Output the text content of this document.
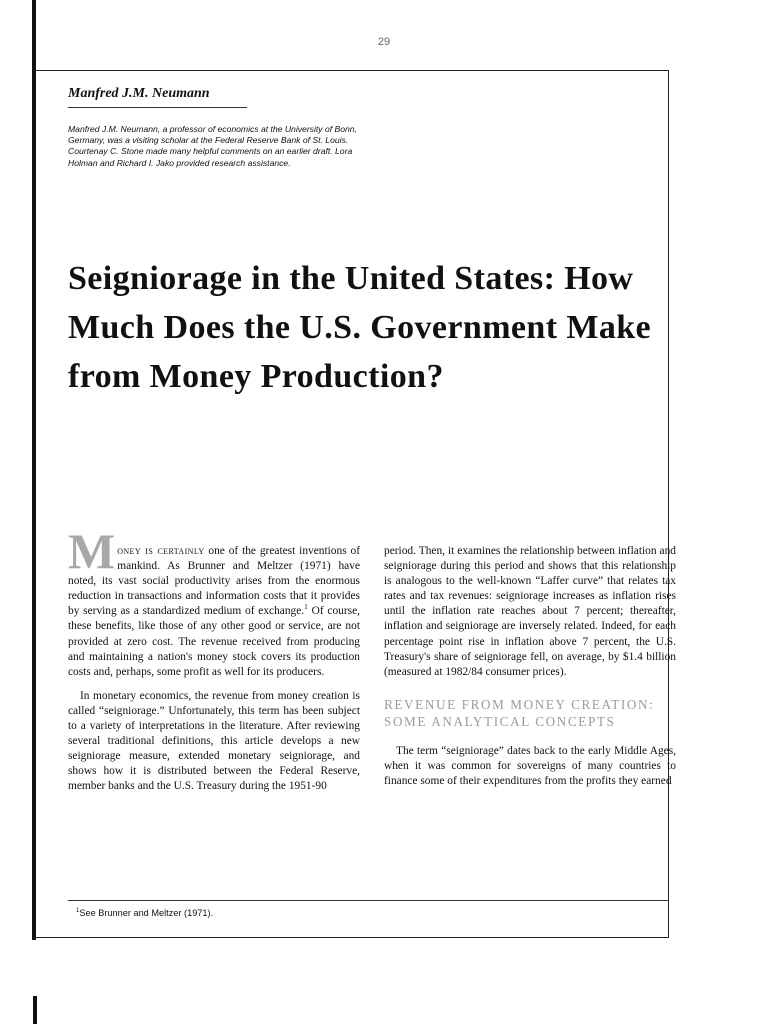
29
Manfred J.M. Neumann
Manfred J.M. Neumann, a professor of economics at the University of Bonn, Germany, was a visiting scholar at the Federal Reserve Bank of St. Louis. Courtenay C. Stone made many helpful comments on an earlier draft. Lora Holman and Richard I. Jako provided research assistance.
Seigniorage in the United States: How Much Does the U.S. Government Make from Money Production?

Money is certainly one of the greatest inventions of mankind. As Brunner and Meltzer (1971) have noted, its vast social productivity arises from the enormous reduction in transactions and information costs that it provides by serving as a standardized medium of exchange.$^1$ Of course, these benefits, like those of any other good or service, are not provided at zero cost. The revenue received from producing and maintaining a nation's money stock covers its production costs and, perhaps, some profit as well for its producers.

In monetary economics, the revenue from money creation is called “seigniorage.” Unfortunately, this term has been subject to a variety of interpretations in the literature. After reviewing several traditional definitions, this article develops a new seigniorage measure, extended monetary seigniorage, and shows how it is distributed between the Federal Reserve, member banks and the U.S. Treasury during the 1951-90

period. Then, it examines the relationship between inflation and seigniorage during this period and shows that this relationship is analogous to the well-known “Laffer curve” that relates tax rates and tax revenues: seigniorage increases as inflation rises until the inflation rate reaches about 7 percent; thereafter, inflation and seigniorage are inversely related. Indeed, for each percentage point rise in inflation above 7 percent, the U.S. Treasury's share of seigniorage fell, on average, by $1.4 billion (measured at 1982/84 consumer prices).

REVENUE FROM MONEY CREATION: SOME ANALYTICAL CONCEPTS

The term “seigniorage” dates back to the early Middle Ages, when it was common for sovereigns of many countries to finance some of their expenditures from the profits they earned

$^1$See Brunner and Meltzer (1971).
